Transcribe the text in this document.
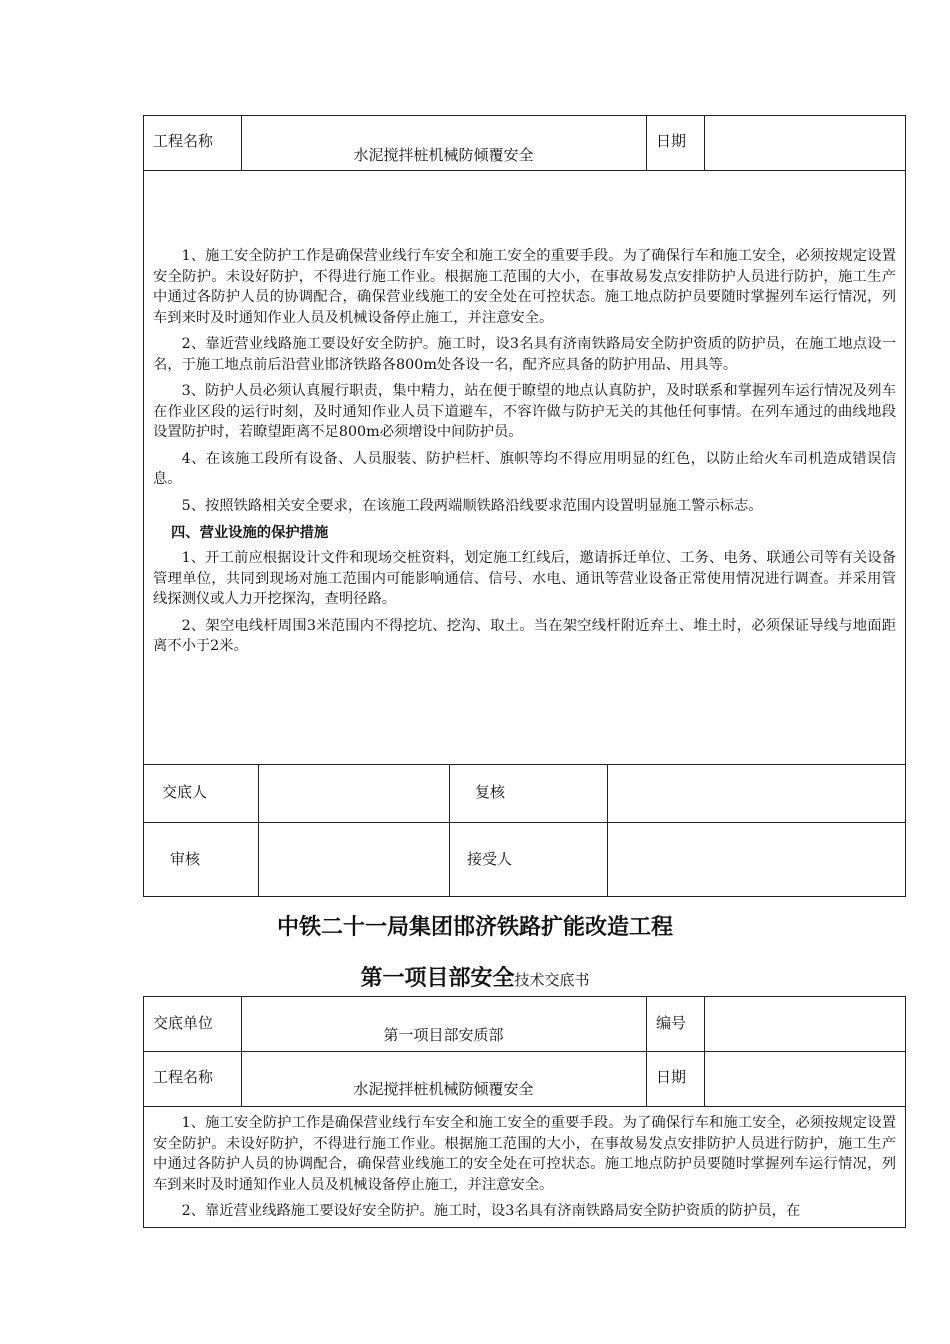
工程名称
水泥搅拌桩机械防倾覆安全
日期

1、施工安全防护工作是确保营业线行车安全和施工安全的重要手段。为了确保行车和施工安全，必须按规定设置安全防护。未设好防护，不得进行施工作业。根据施工范围的大小，在事故易发点安排防护人员进行防护，施工生产中通过各防护人员的协调配合，确保营业线施工的安全处在可控状态。施工地点防护员要随时掌握列车运行情况，列车到来时及时通知作业人员及机械设备停止施工，并注意安全。

2、靠近营业线路施工要设好安全防护。施工时，设3名具有济南铁路局安全防护资质的防护员，在施工地点设一名，于施工地点前后沿营业邯济铁路各800m处各设一名，配齐应具备的防护用品、用具等。

3、防护人员必须认真履行职责，集中精力，站在便于瞭望的地点认真防护，及时联系和掌握列车运行情况及列车在作业区段的运行时刻，及时通知作业人员下道避车，不容许做与防护无关的其他任何事情。在列车通过的曲线地段设置防护时，若瞭望距离不足800m必须增设中间防护员。

4、在该施工段所有设备、人员服装、防护栏杆、旗帜等均不得应用明显的红色，以防止给火车司机造成错误信息。

5、按照铁路相关安全要求，在该施工段两端顺铁路沿线要求范围内设置明显施工警示标志。

四、营业设施的保护措施

1、开工前应根据设计文件和现场交桩资料，划定施工红线后，邀请拆迁单位、工务、电务、联通公司等有关设备管理单位，共同到现场对施工范围内可能影响通信、信号、水电、通讯等营业设备正常使用情况进行调查。并采用管线探测仪或人力开挖探沟，查明径路。

2、架空电线杆周围3米范围内不得挖坑、挖沟、取土。当在架空线杆附近弃土、堆土时，必须保证导线与地面距离不小于2米。

交底人	复核
审核	接受人
中铁二十一局集团邯济铁路扩能改造工程
第一项目部安全技术交底书
交底单位
第一项目部安质部
编号
工程名称
水泥搅拌桩机械防倾覆安全
日期

1、施工安全防护工作是确保营业线行车安全和施工安全的重要手段。为了确保行车和施工安全，必须按规定设置安全防护。未设好防护，不得进行施工作业。根据施工范围的大小，在事故易发点安排防护人员进行防护，施工生产中通过各防护人员的协调配合，确保营业线施工的安全处在可控状态。施工地点防护员要随时掌握列车运行情况，列车到来时及时通知作业人员及机械设备停止施工，并注意安全。

2、靠近营业线路施工要设好安全防护。施工时，设3名具有济南铁路局安全防护资质的防护员，在
